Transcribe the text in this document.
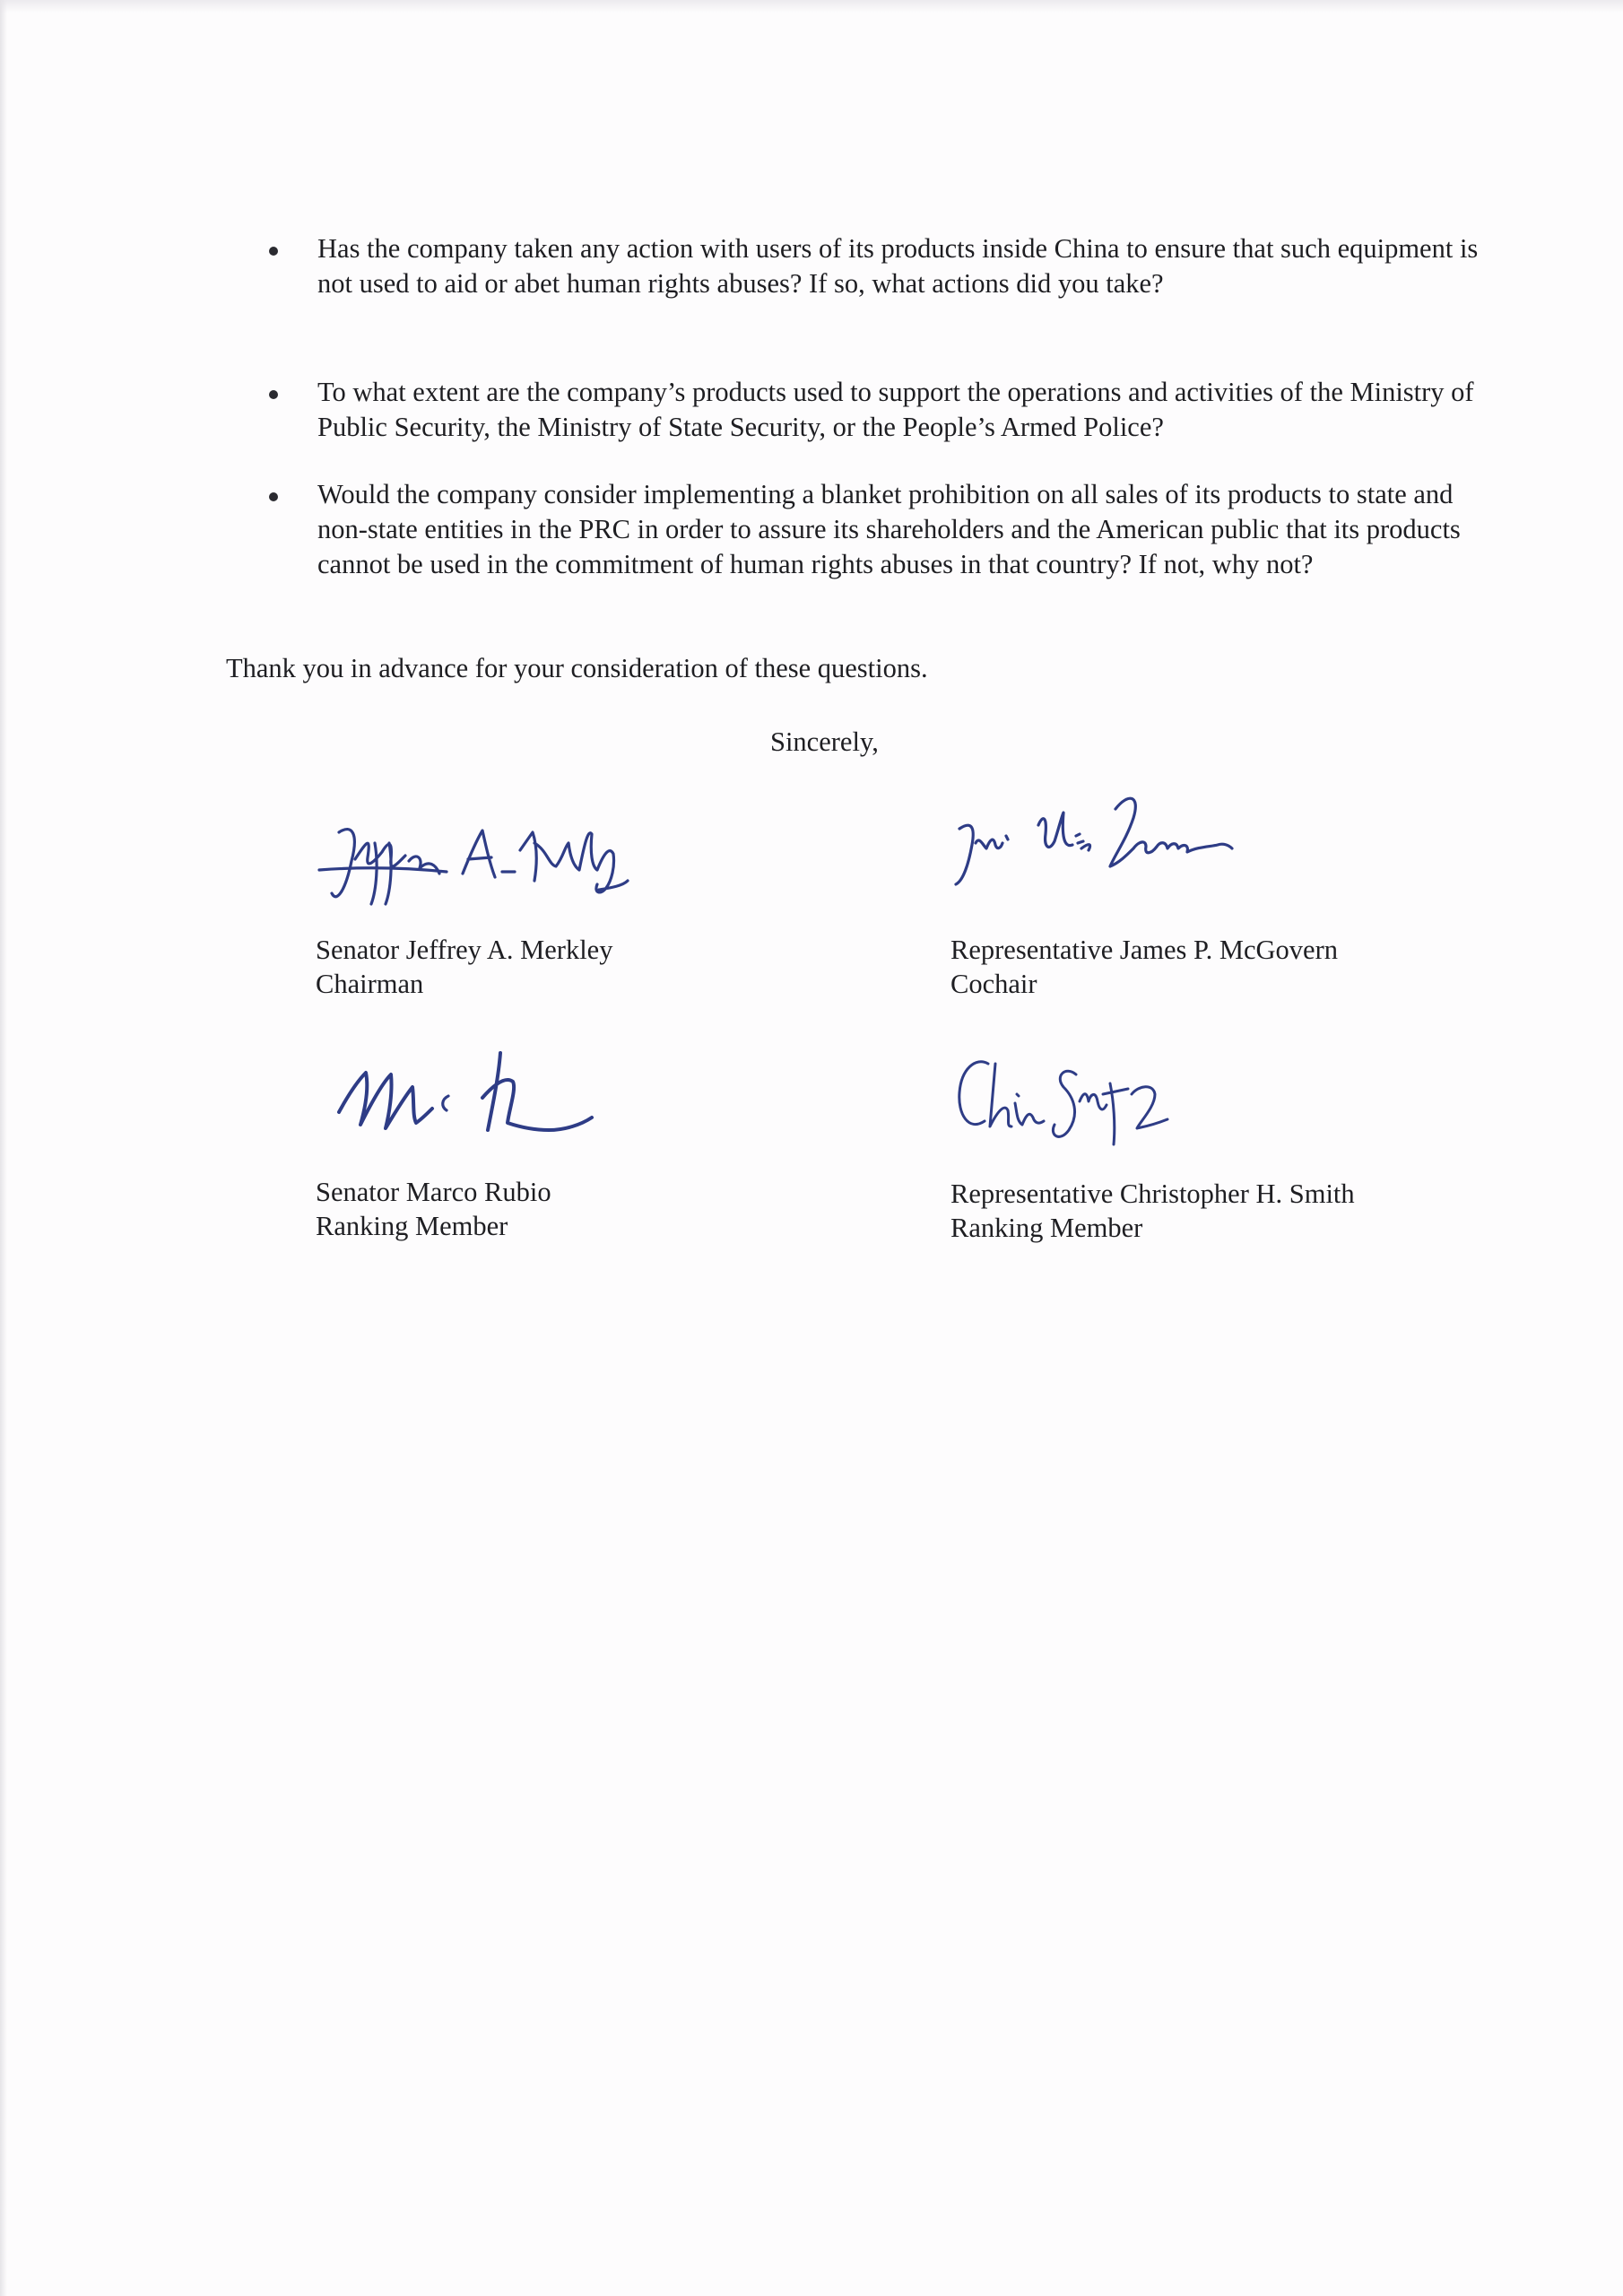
Has the company taken any action with users of its products inside China to ensure that such equipment is not used to aid or abet human rights abuses? If so, what actions did you take?
To what extent are the company’s products used to support the operations and activities of the Ministry of Public Security, the Ministry of State Security, or the People’s Armed Police?
Would the company consider implementing a blanket prohibition on all sales of its products to state and non-state entities in the PRC in order to assure its shareholders and the American public that its products cannot be used in the commitment of human rights abuses in that country? If not, why not?

Thank you in advance for your consideration of these questions.

Sincerely,

Senator Jeffrey A. Merkley
Chairman
Representative James P. McGovern
Cochair
Senator Marco Rubio
Ranking Member
Representative Christopher H. Smith
Ranking Member
